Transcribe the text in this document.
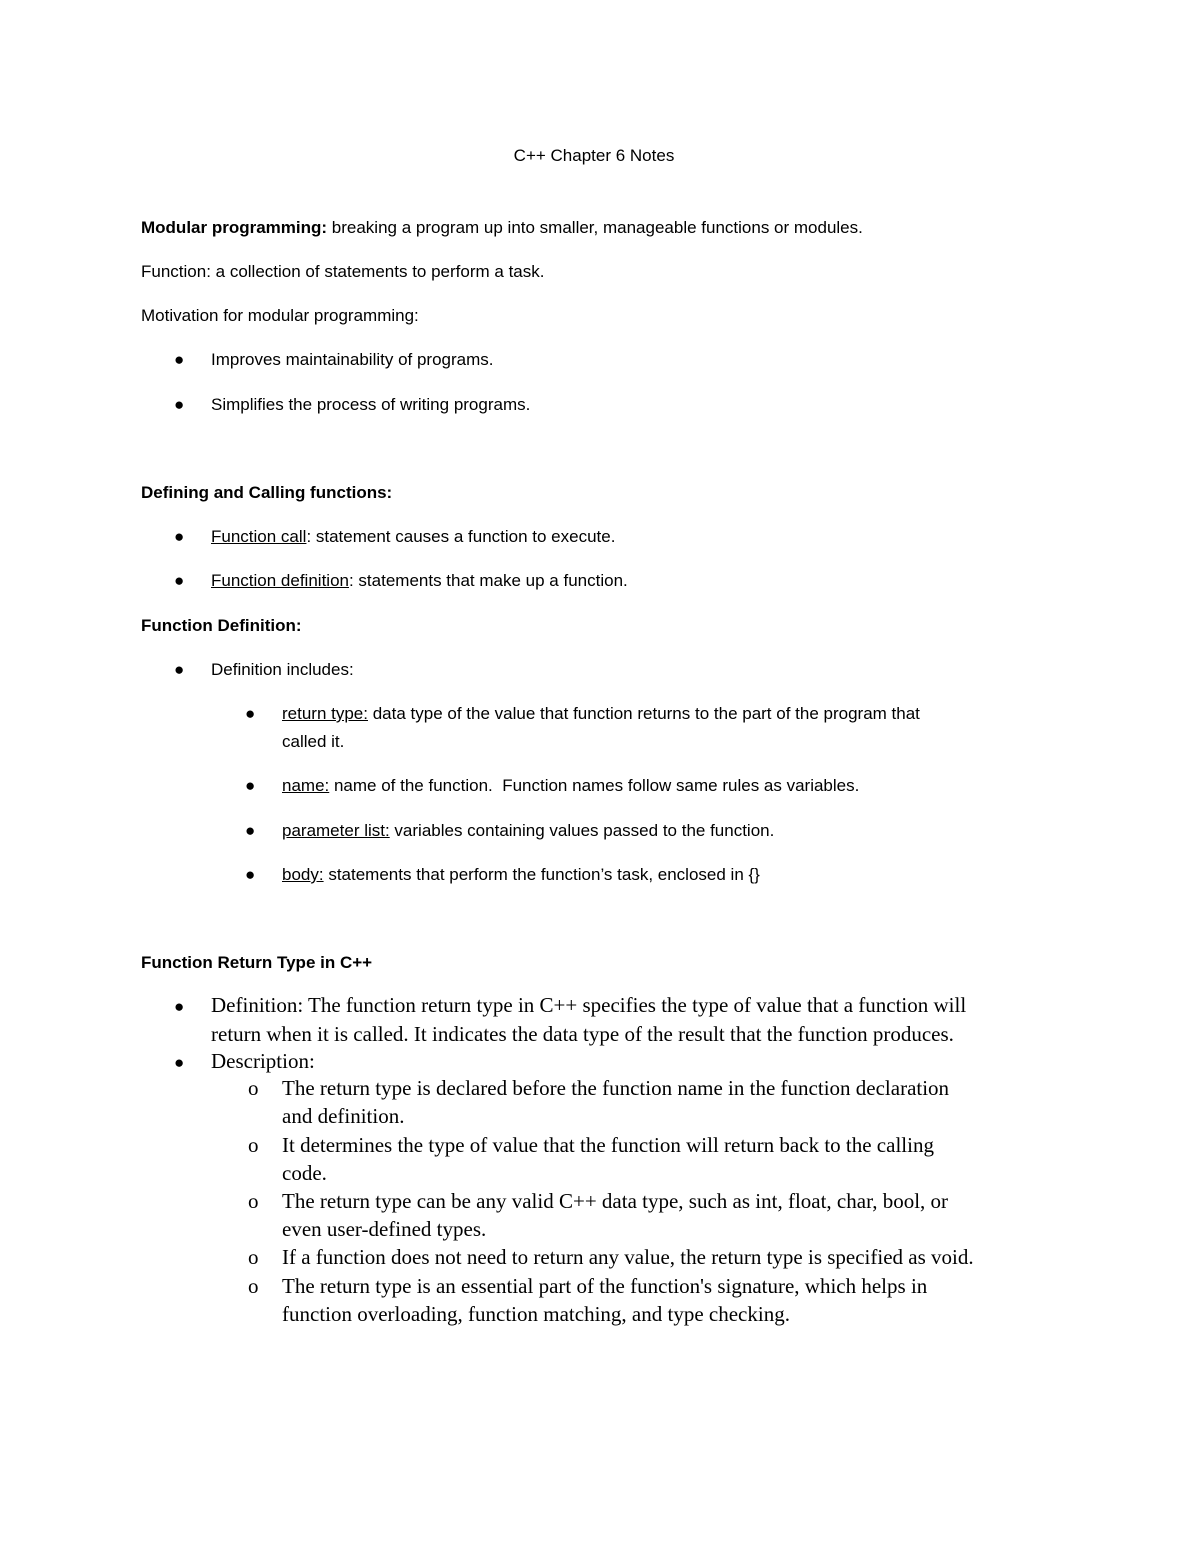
C++ Chapter 6 Notes
Modular programming: breaking a program up into smaller, manageable functions or modules.
Function: a collection of statements to perform a task.
Motivation for modular programming:
● Improves maintainability of programs.
● Simplifies the process of writing programs.
Defining and Calling functions:
● Function call: statement causes a function to execute.
● Function definition: statements that make up a function.
Function Definition:
● Definition includes:
● return type: data type of the value that function returns to the part of the program that
called it.
● name: name of the function.  Function names follow same rules as variables.
● parameter list: variables containing values passed to the function.
● body: statements that perform the function’s task, enclosed in {}
Function Return Type in C++
● Definition: The function return type in C++ specifies the type of value that a function will
return when it is called. It indicates the data type of the result that the function produces.
● Description:
o The return type is declared before the function name in the function declaration
and definition.
o It determines the type of value that the function will return back to the calling
code.
o The return type can be any valid C++ data type, such as int, float, char, bool, or
even user-defined types.
o If a function does not need to return any value, the return type is specified as void.
o The return type is an essential part of the function's signature, which helps in
function overloading, function matching, and type checking.
